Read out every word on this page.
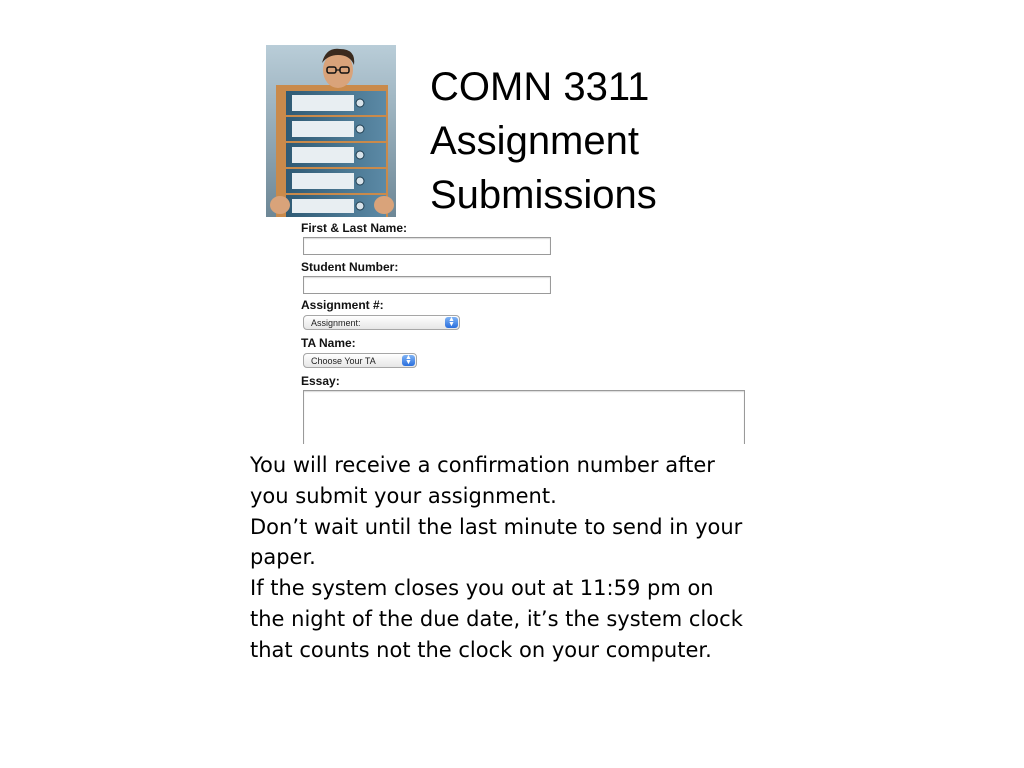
COMN 3311
Assignment
Submissions
First & Last Name:
Student Number:
Assignment #:
Assignment:	▲
▼
TA Name:
Choose Your TA	▲
▼
Essay:
You will receive a confirmation number after
you submit your assignment.
Don’t wait until the last minute to send in your
paper.
If the system closes you out at 11:59 pm on
the night of the due date, it’s the system clock
that counts not the clock on your computer.
